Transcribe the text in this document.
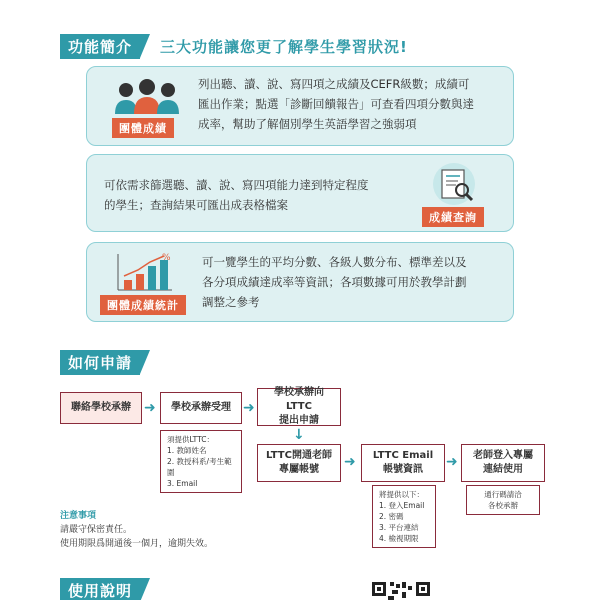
功能簡介	三大功能讓您更了解學生學習狀況!
團體成績
列出聽、讀、說、寫四項之成績及CEFR級數；成績可
匯出作業；點選「診斷回饋報告」可查看四項分數與達
成率，幫助了解個別學生英語學習之強弱項
可依需求篩選聽、讀、說、寫四項能力達到特定程度
的學生；查詢結果可匯出成表格檔案
成績查詢
%
團體成績統計
可一覽學生的平均分數、各級人數分布、標準差以及
各分項成績達成率等資訊；各項數據可用於教學計劃
調整之參考
如何申請
聯絡學校承辦 ➜	學校承辦受理 ➜
學校承辦向LTTC
提出申請
↓
須提供LTTC：
1. 教師姓名
2. 教授科系/考生範圍
3. Email
LTTC開通老師
專屬帳號 ➜ LTTC Email
帳號資訊 ➜ 老師登入專屬
連結使用
將提供以下：
1. 登入Email
2. 密碼
3. 平台連結
4. 檢視期限
通行碼請洽
各校承辦
注意事項
請嚴守保密責任。
使用期限爲開通後一個月，逾期失效。
使用說明
